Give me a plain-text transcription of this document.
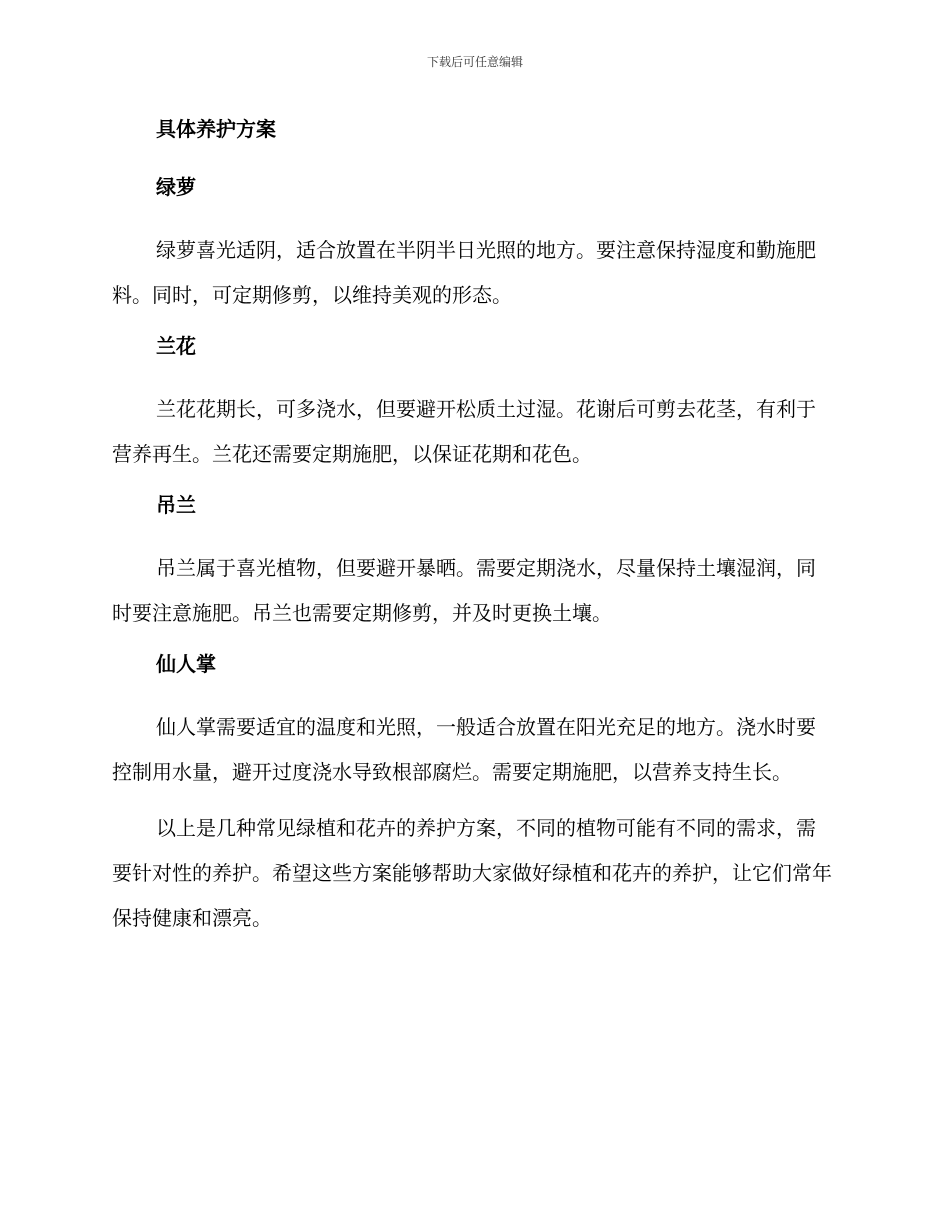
下载后可任意编辑
具体养护方案
绿萝

绿萝喜光适阴，适合放置在半阴半日光照的地方。要注意保持湿度和勤施肥料。同时，可定期修剪，以维持美观的形态。

兰花

兰花花期长，可多浇水，但要避开松质土过湿。花谢后可剪去花茎，有利于营养再生。兰花还需要定期施肥，以保证花期和花色。

吊兰

吊兰属于喜光植物，但要避开暴晒。需要定期浇水，尽量保持土壤湿润，同时要注意施肥。吊兰也需要定期修剪，并及时更换土壤。

仙人掌

仙人掌需要适宜的温度和光照，一般适合放置在阳光充足的地方。浇水时要控制用水量，避开过度浇水导致根部腐烂。需要定期施肥，以营养支持生长。

以上是几种常见绿植和花卉的养护方案，不同的植物可能有不同的需求，需要针对性的养护。希望这些方案能够帮助大家做好绿植和花卉的养护，让它们常年保持健康和漂亮。
